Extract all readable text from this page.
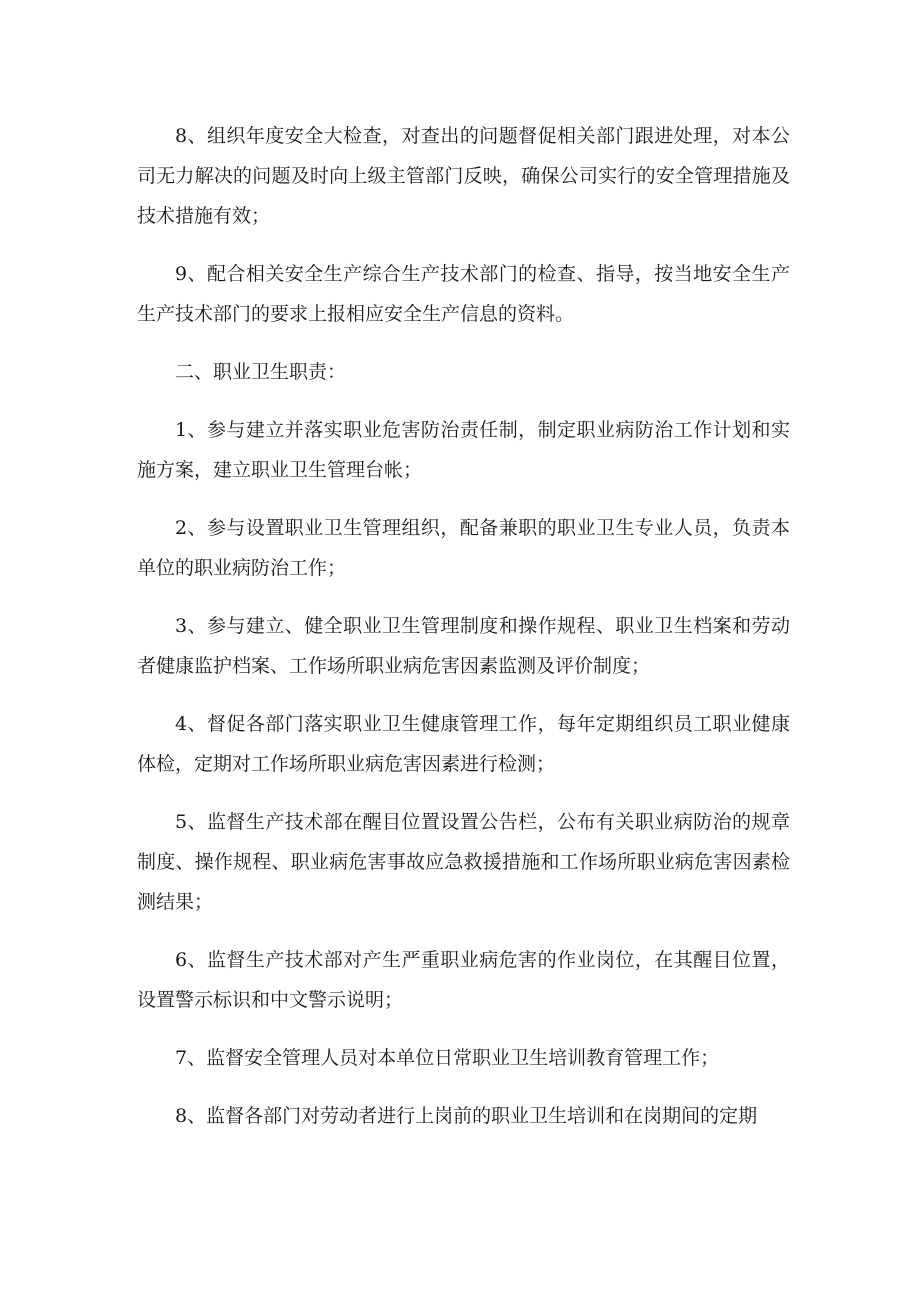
8、组织年度安全大检查，对查出的问题督促相关部门跟进处理，对本公司无力解决的问题及时向上级主管部门反映，确保公司实行的安全管理措施及技术措施有效；

9、配合相关安全生产综合生产技术部门的检查、指导，按当地安全生产生产技术部门的要求上报相应安全生产信息的资料。

二、职业卫生职责：

1、参与建立并落实职业危害防治责任制，制定职业病防治工作计划和实施方案，建立职业卫生管理台帐；

2、参与设置职业卫生管理组织，配备兼职的职业卫生专业人员，负责本单位的职业病防治工作；

3、参与建立、健全职业卫生管理制度和操作规程、职业卫生档案和劳动者健康监护档案、工作场所职业病危害因素监测及评价制度；

4、督促各部门落实职业卫生健康管理工作，每年定期组织员工职业健康体检，定期对工作场所职业病危害因素进行检测；

5、监督生产技术部在醒目位置设置公告栏，公布有关职业病防治的规章制度、操作规程、职业病危害事故应急救援措施和工作场所职业病危害因素检测结果；

6、监督生产技术部对产生严重职业病危害的作业岗位，在其醒目位置，设置警示标识和中文警示说明；

7、监督安全管理人员对本单位日常职业卫生培训教育管理工作；

8、监督各部门对劳动者进行上岗前的职业卫生培训和在岗期间的定期
